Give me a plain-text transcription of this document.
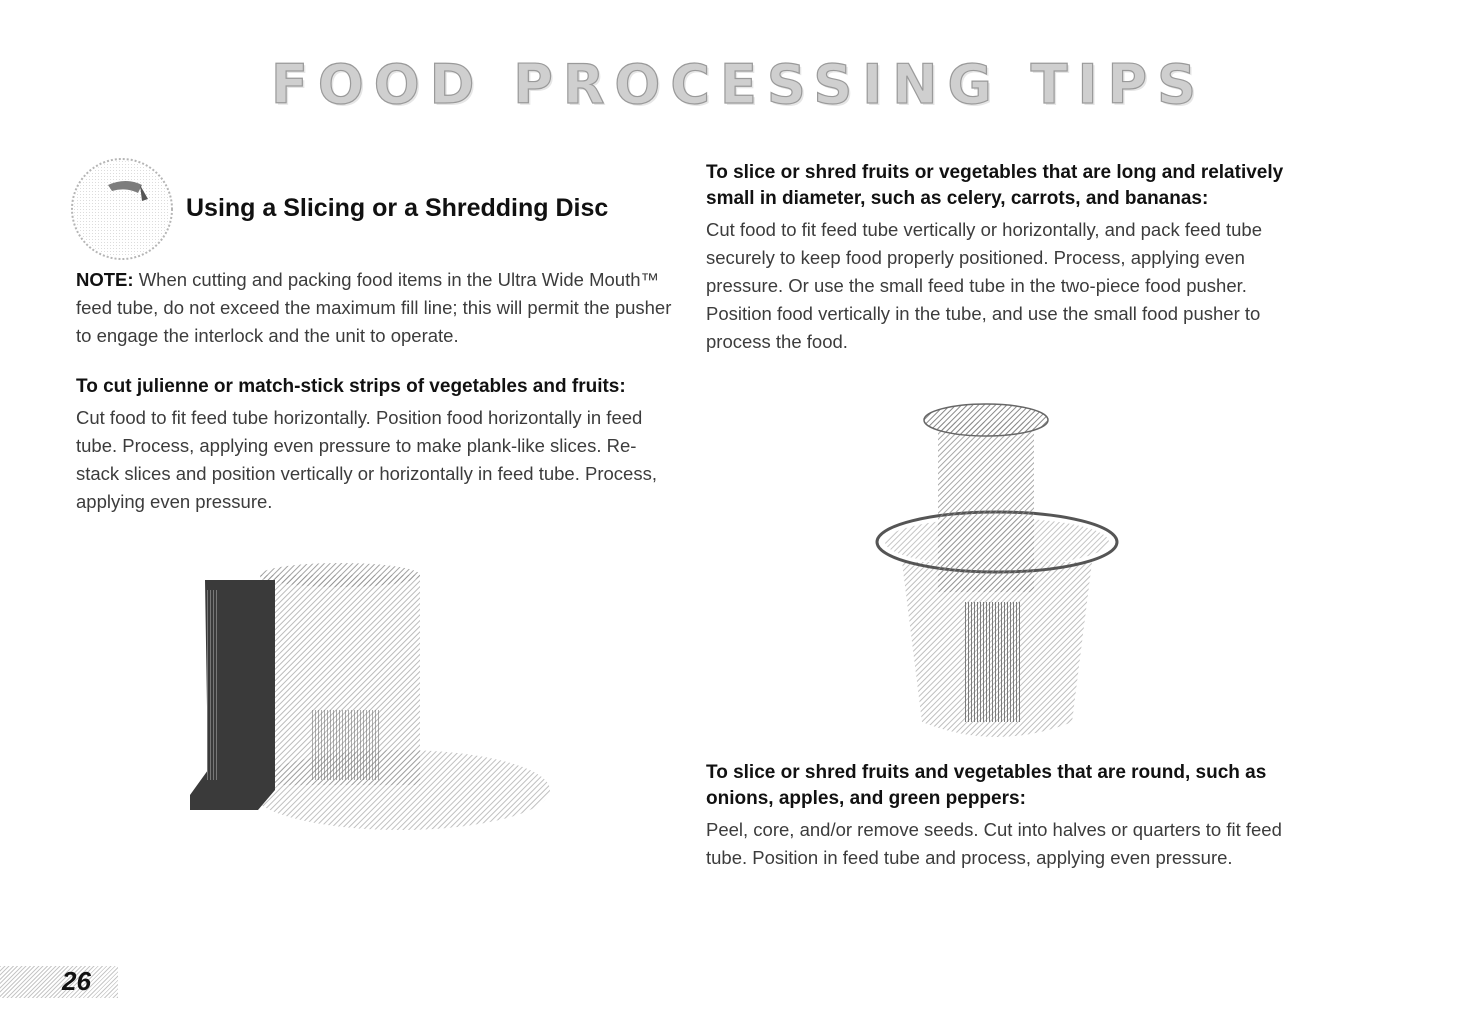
FOOD PROCESSING TIPS
Using a Slicing or a Shredding Disc
NOTE: When cutting and packing food items in the Ultra Wide Mouth™ feed tube, do not exceed the maximum fill line; this will permit the pusher to engage the interlock and the unit to operate.
To cut julienne or match-stick strips of vegetables and fruits:
Cut food to fit feed tube horizontally. Position food horizontally in feed tube. Process, applying even pressure to make plank-like slices. Re-stack slices and position vertically or horizontally in feed tube. Process, applying even pressure.
To slice or shred fruits or vegetables that are long and relatively small in diameter, such as celery, carrots, and bananas:
Cut food to fit feed tube vertically or horizontally, and pack feed tube securely to keep food properly positioned. Process, applying even pressure. Or use the small feed tube in the two-piece food pusher. Position food vertically in the tube, and use the small food pusher to process the food.
To slice or shred fruits and vegetables that are round, such as onions, apples, and green peppers:
Peel, core, and/or remove seeds. Cut into halves or quarters to fit feed tube. Position in feed tube and process, applying even pressure.
26
